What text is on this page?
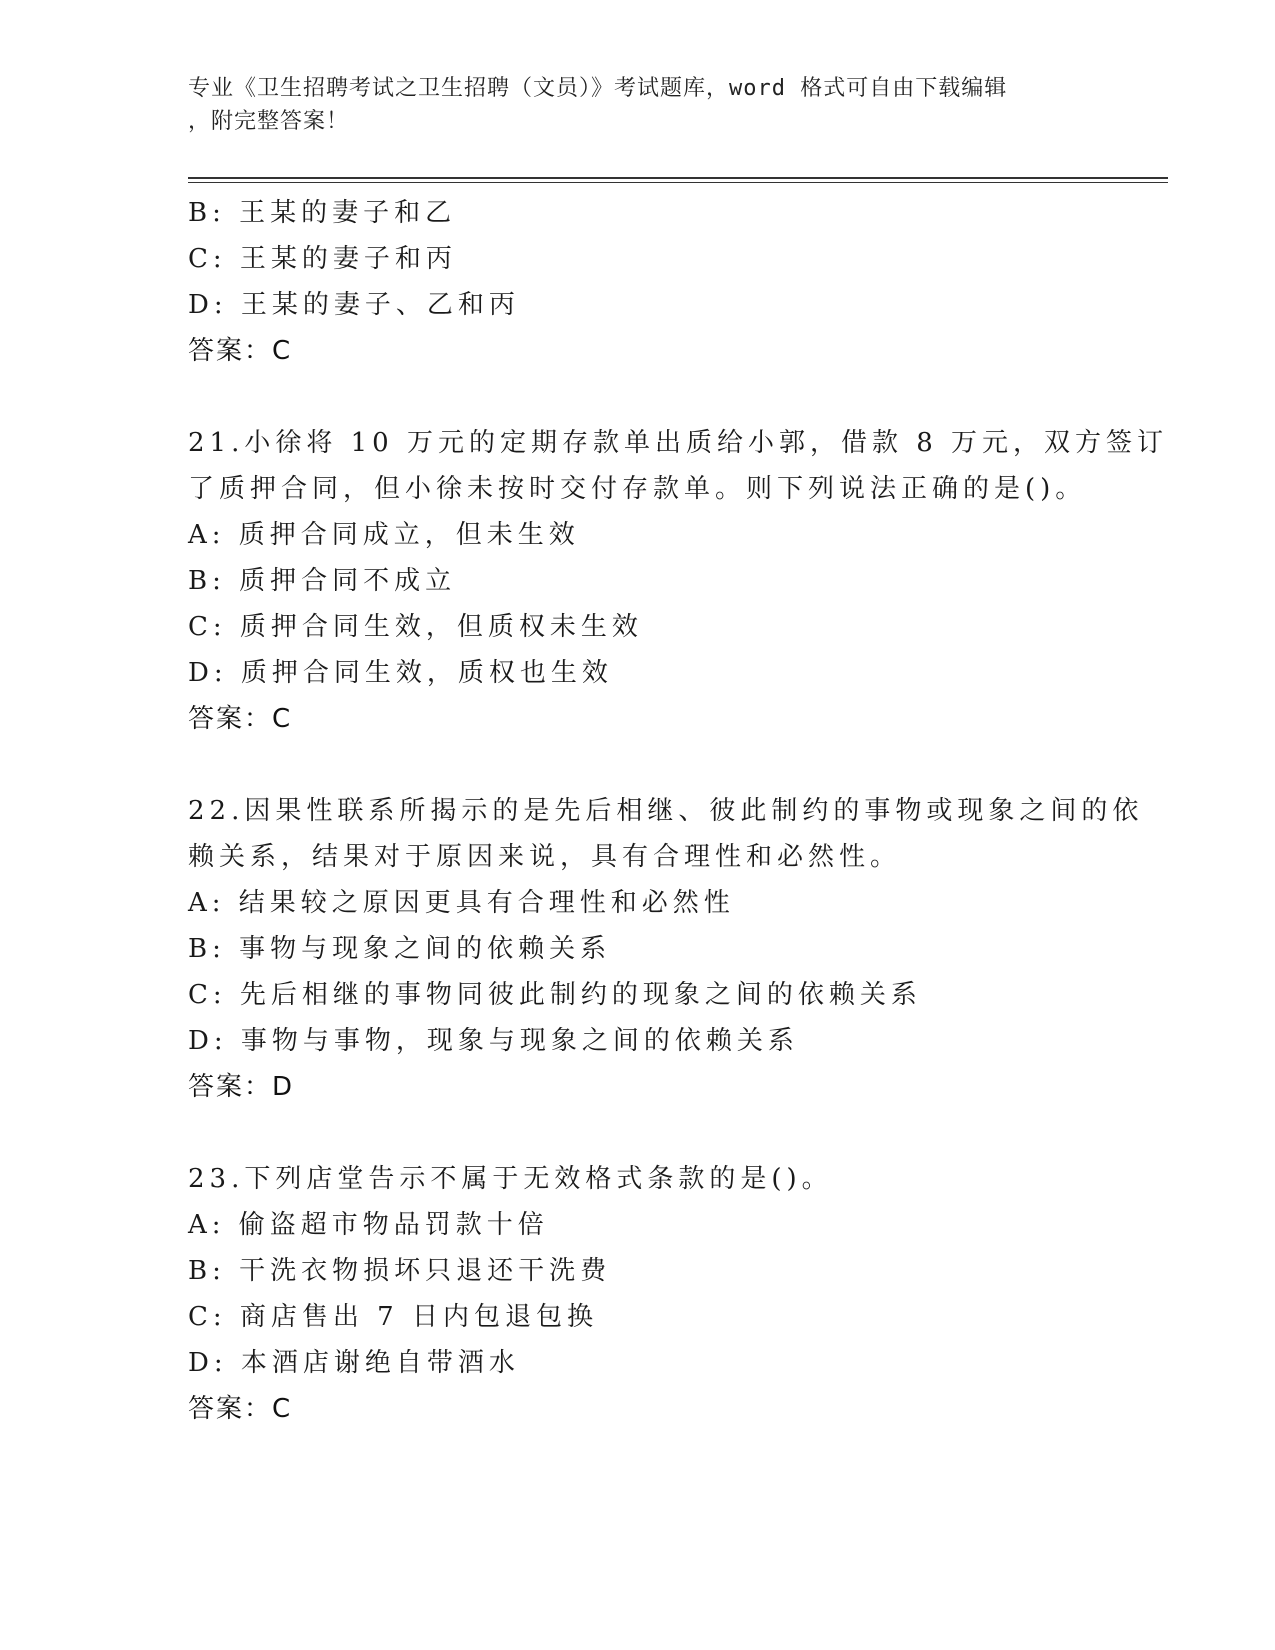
专业《卫生招聘考试之卫生招聘（文员）》考试题库，word 格式可自由下载编辑
，附完整答案！
B: 王某的妻子和乙
C: 王某的妻子和丙
D: 王某的妻子、乙和丙
答案：C
21.小徐将 10 万元的定期存款单出质给小郭，借款 8 万元，双方签订
了质押合同，但小徐未按时交付存款单。则下列说法正确的是()。
A: 质押合同成立，但未生效
B: 质押合同不成立
C: 质押合同生效，但质权未生效
D: 质押合同生效，质权也生效
答案：C
22.因果性联系所揭示的是先后相继、彼此制约的事物或现象之间的依
赖关系，结果对于原因来说，具有合理性和必然性。
A: 结果较之原因更具有合理性和必然性
B: 事物与现象之间的依赖关系
C: 先后相继的事物同彼此制约的现象之间的依赖关系
D: 事物与事物，现象与现象之间的依赖关系
答案：D
23.下列店堂告示不属于无效格式条款的是()。
A: 偷盗超市物品罚款十倍
B: 干洗衣物损坏只退还干洗费
C: 商店售出 7 日内包退包换
D: 本酒店谢绝自带酒水
答案：C
